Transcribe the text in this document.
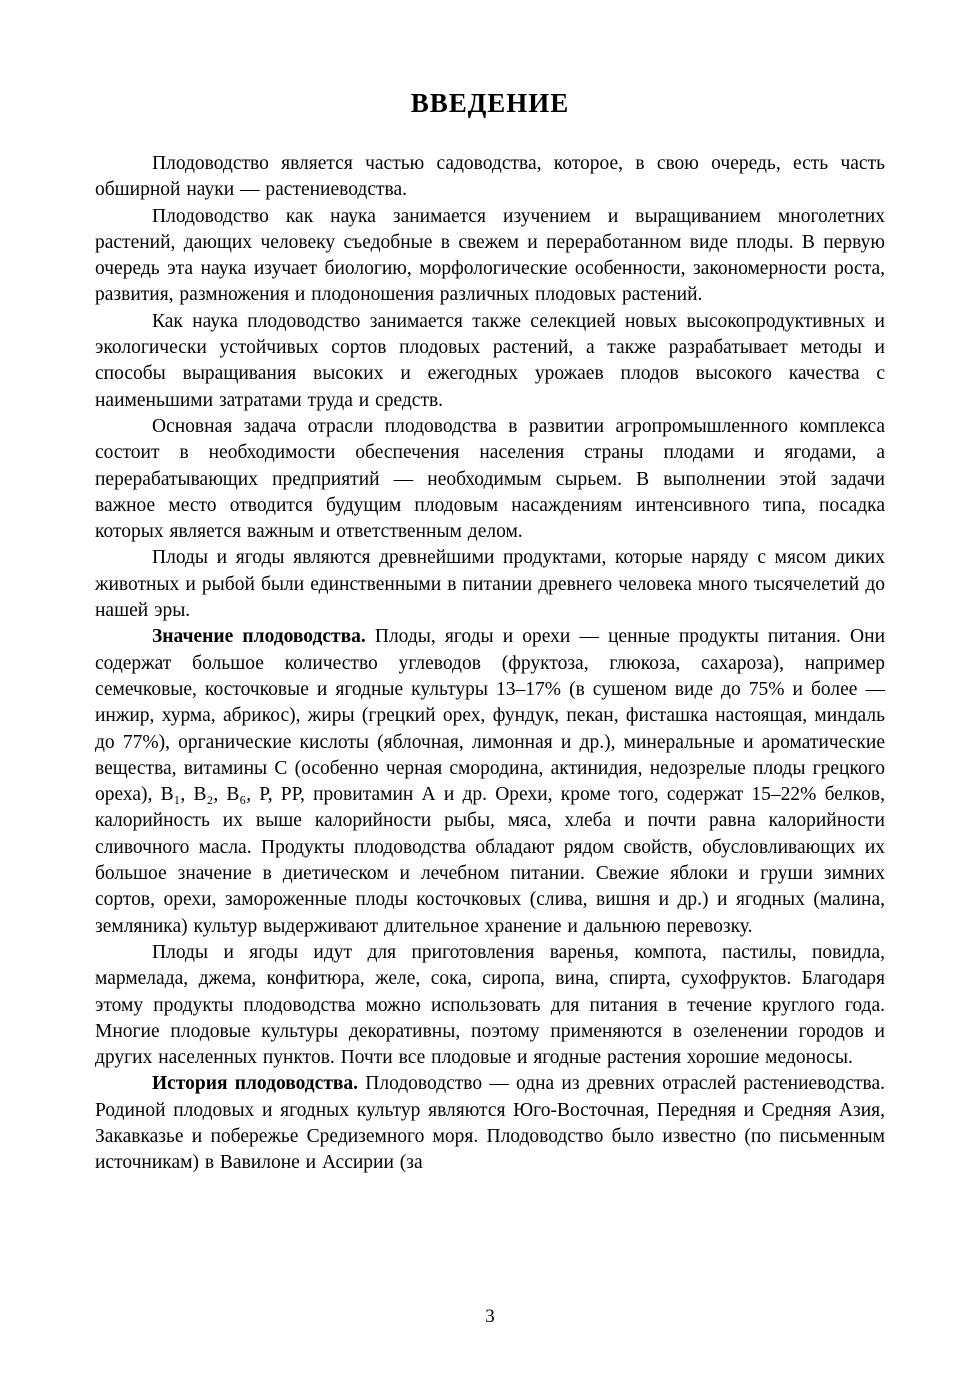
ВВЕДЕНИЕ

Плодоводство является частью садоводства, которое, в свою очередь, есть часть обширной науки — растениеводства.

Плодоводство как наука занимается изучением и выращиванием многолетних растений, дающих человеку съедобные в свежем и переработанном виде плоды. В первую очередь эта наука изучает биологию, морфологические особенности, закономерности роста, развития, размножения и плодоношения различных плодовых растений.

Как наука плодоводство занимается также селекцией новых высокопродуктивных и экологически устойчивых сортов плодовых растений, а также разрабатывает методы и способы выращивания высоких и ежегодных урожаев плодов высокого качества с наименьшими затратами труда и средств.

Основная задача отрасли плодоводства в развитии агропромышленного комплекса состоит в необходимости обеспечения населения страны плодами и ягодами, а перерабатывающих предприятий — необходимым сырьем. В выполнении этой задачи важное место отводится будущим плодовым насаждениям интенсивного типа, посадка которых является важным и ответственным делом.

Плоды и ягоды являются древнейшими продуктами, которые наряду с мясом диких животных и рыбой были единственными в питании древнего человека много тысячелетий до нашей эры.

Значение плодоводства. Плоды, ягоды и орехи — ценные продукты питания. Они содержат большое количество углеводов (фруктоза, глюкоза, сахароза), например семечковые, косточковые и ягодные культуры 13–17% (в сушеном виде до 75% и более — инжир, хурма, абрикос), жиры (грецкий орех, фундук, пекан, фисташка настоящая, миндаль до 77%), органические кислоты (яблочная, лимонная и др.), минеральные и ароматические вещества, витамины С (особенно черная смородина, актинидия, недозрелые плоды грецкого ореха), В₁, В₂, В₆, Р, РР, провитамин А и др. Орехи, кроме того, содержат 15–22% белков, калорийность их выше калорийности рыбы, мяса, хлеба и почти равна калорийности сливочного масла. Продукты плодоводства обладают рядом свойств, обусловливающих их большое значение в диетическом и лечебном питании. Свежие яблоки и груши зимних сортов, орехи, замороженные плоды косточковых (слива, вишня и др.) и ягодных (малина, земляника) культур выдерживают длительное хранение и дальнюю перевозку.

Плоды и ягоды идут для приготовления варенья, компота, пастилы, повидла, мармелада, джема, конфитюра, желе, сока, сиропа, вина, спирта, сухофруктов. Благодаря этому продукты плодоводства можно использовать для питания в течение круглого года. Многие плодовые культуры декоративны, поэтому применяются в озеленении городов и других населенных пунктов. Почти все плодовые и ягодные растения хорошие медоносы.

История плодоводства. Плодоводство — одна из древних отраслей растениеводства. Родиной плодовых и ягодных культур являются Юго-Восточная, Передняя и Средняя Азия, Закавказье и побережье Средиземного моря. Плодоводство было известно (по письменным источникам) в Вавилоне и Ассирии (за

3
